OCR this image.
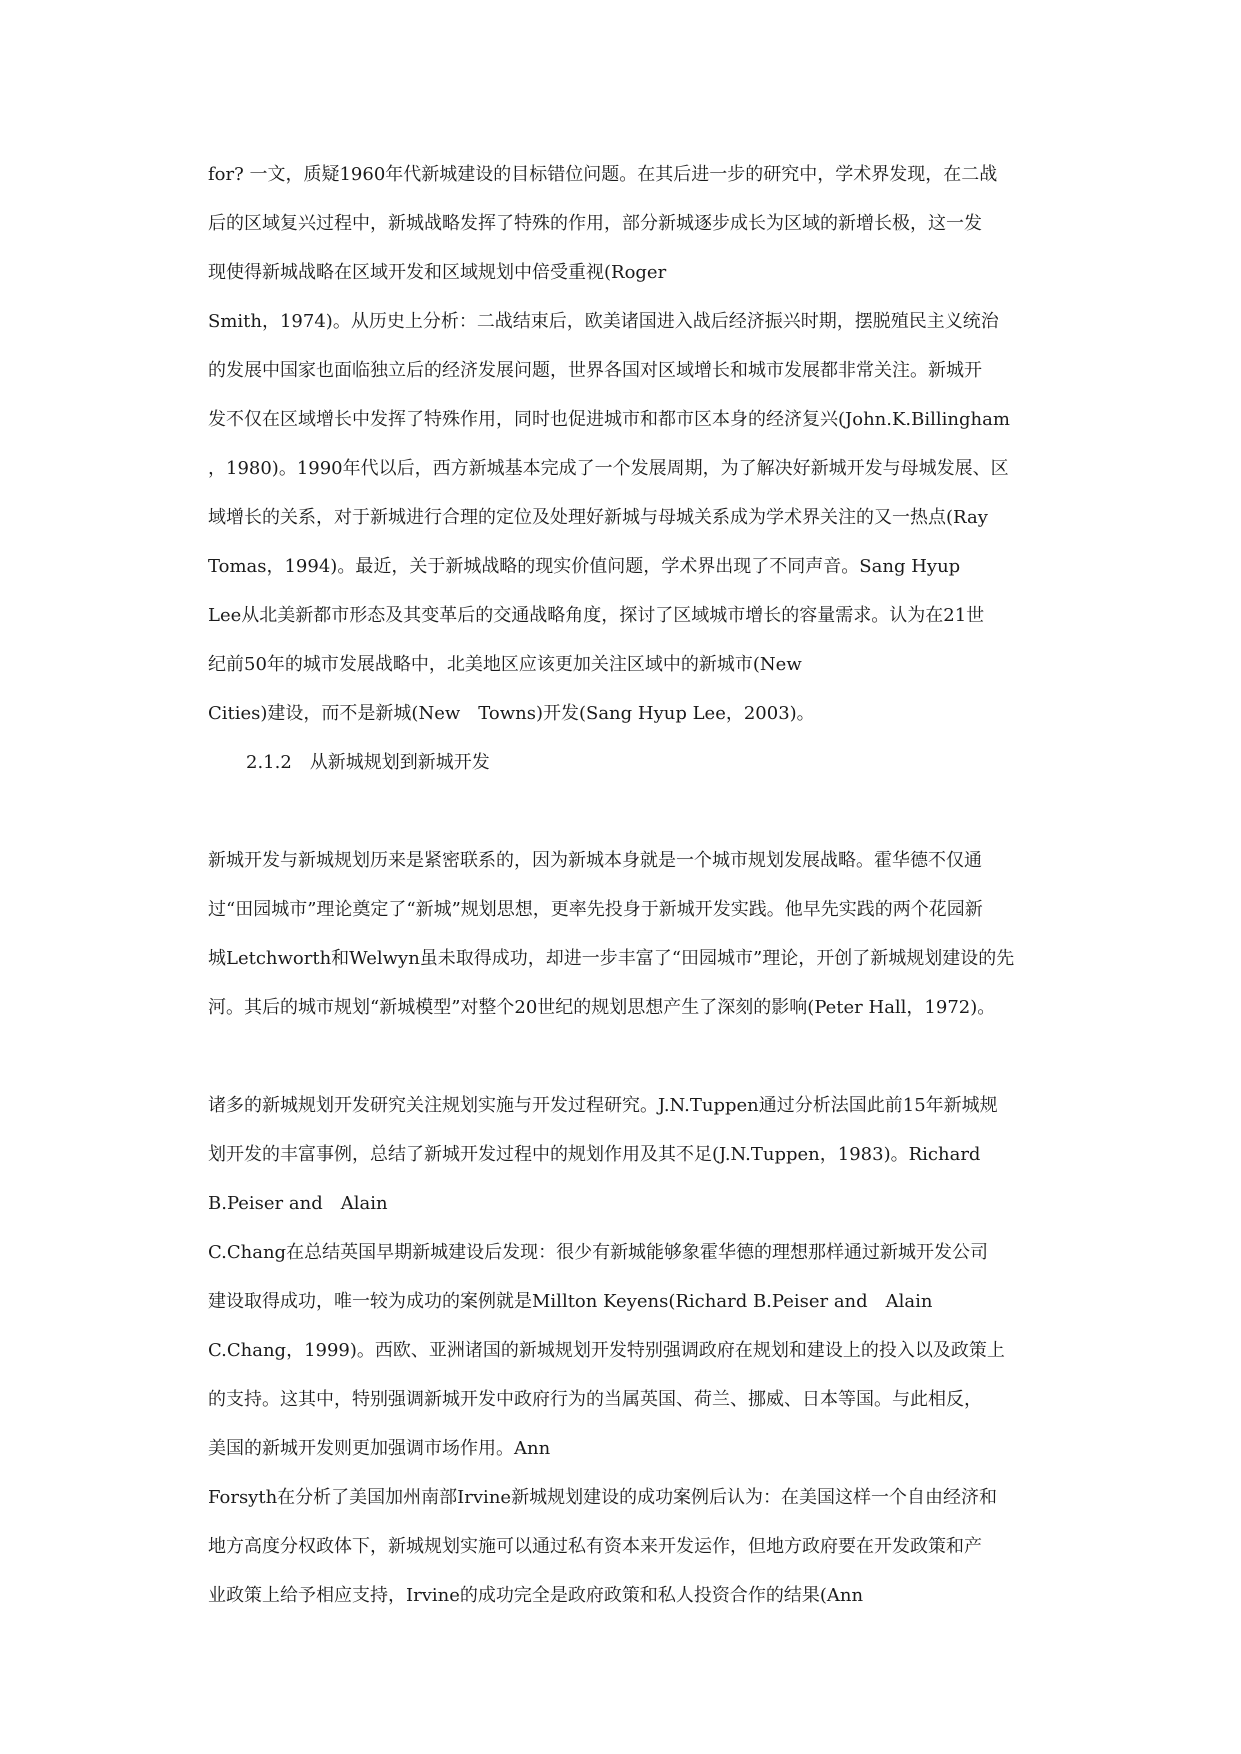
for? 一文，质疑1960年代新城建设的目标错位问题。在其后进一步的研究中，学术界发现，在二战
后的区域复兴过程中，新城战略发挥了特殊的作用，部分新城逐步成长为区域的新增长极，这一发
现使得新城战略在区域开发和区域规划中倍受重视(Roger
Smith，1974)。从历史上分析：二战结束后，欧美诸国进入战后经济振兴时期，摆脱殖民主义统治
的发展中国家也面临独立后的经济发展问题，世界各国对区域增长和城市发展都非常关注。新城开
发不仅在区域增长中发挥了特殊作用，同时也促进城市和都市区本身的经济复兴(John.K.Billingham
，1980)。1990年代以后，西方新城基本完成了一个发展周期，为了解决好新城开发与母城发展、区
域增长的关系，对于新城进行合理的定位及处理好新城与母城关系成为学术界关注的又一热点(Ray
Tomas，1994)。最近，关于新城战略的现实价值问题，学术界出现了不同声音。Sang Hyup
Lee从北美新都市形态及其变革后的交通战略角度，探讨了区域城市增长的容量需求。认为在21世
纪前50年的城市发展战略中，北美地区应该更加关注区域中的新城市(New
Cities)建设，而不是新城(New　Towns)开发(Sang Hyup Lee，2003)。
2.1.2　从新城规划到新城开发
新城开发与新城规划历来是紧密联系的，因为新城本身就是一个城市规划发展战略。霍华德不仅通
过“田园城市”理论奠定了“新城”规划思想，更率先投身于新城开发实践。他早先实践的两个花园新
城Letchworth和Welwyn虽未取得成功，却进一步丰富了“田园城市”理论，开创了新城规划建设的先
河。其后的城市规划“新城模型”对整个20世纪的规划思想产生了深刻的影响(Peter Hall，1972)。
诸多的新城规划开发研究关注规划实施与开发过程研究。J.N.Tuppen通过分析法国此前15年新城规
划开发的丰富事例，总结了新城开发过程中的规划作用及其不足(J.N.Tuppen，1983)。Richard
B.Peiser and　Alain
C.Chang在总结英国早期新城建设后发现：很少有新城能够象霍华德的理想那样通过新城开发公司
建设取得成功，唯一较为成功的案例就是Millton Keyens(Richard B.Peiser and　Alain
C.Chang，1999)。西欧、亚洲诸国的新城规划开发特别强调政府在规划和建设上的投入以及政策上
的支持。这其中，特别强调新城开发中政府行为的当属英国、荷兰、挪威、日本等国。与此相反，
美国的新城开发则更加强调市场作用。Ann
Forsyth在分析了美国加州南部Irvine新城规划建设的成功案例后认为：在美国这样一个自由经济和
地方高度分权政体下，新城规划实施可以通过私有资本来开发运作，但地方政府要在开发政策和产
业政策上给予相应支持，Irvine的成功完全是政府政策和私人投资合作的结果(Ann
